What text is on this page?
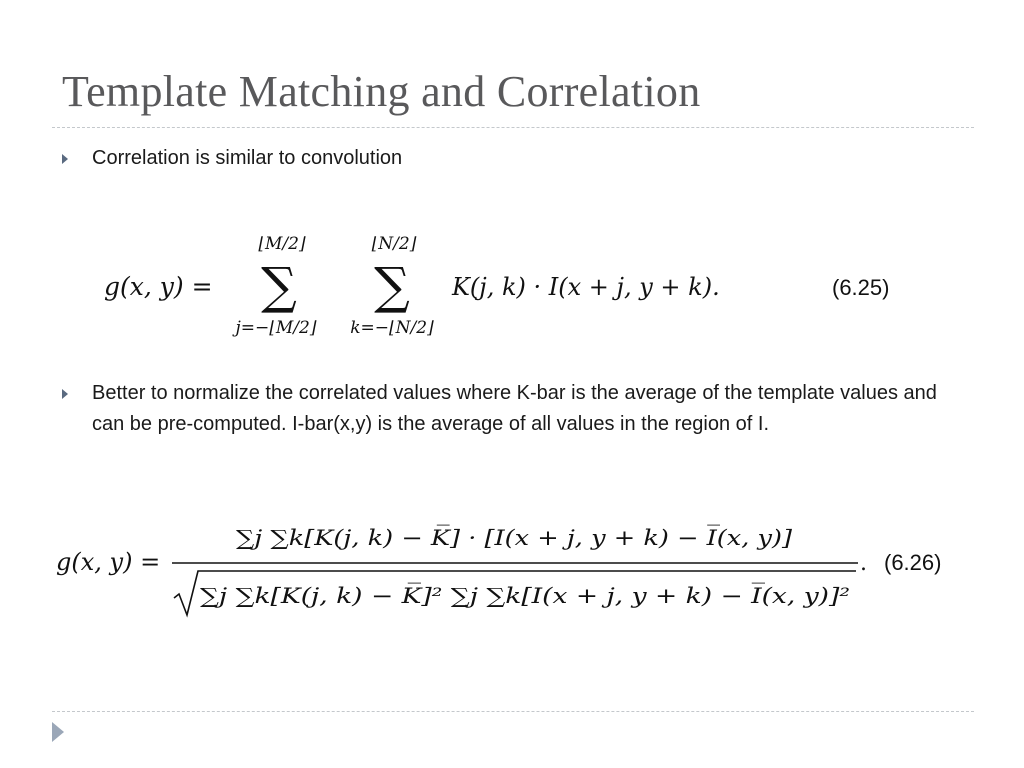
Template Matching and Correlation
Correlation is similar to convolution
g(x, y) =
⌊M/2⌋
∑
j=−⌊M/2⌋
⌊N/2⌋
∑
k=−⌊N/2⌋
K(j, k) · I(x + j, y + k).	(6.25)
Better to normalize the correlated values where K-bar is the average of the template values and can be pre-computed. I-bar(x,y) is the average of all values in the region of I.
g(x, y) =
∑j ∑k[K(j, k) − K̅] · [I(x + j, y + k) − I̅(x, y)]
∑j ∑k[K(j, k) − K̅]² ∑j ∑k[I(x + j, y + k) − I̅(x, y)]²
. (6.26)
